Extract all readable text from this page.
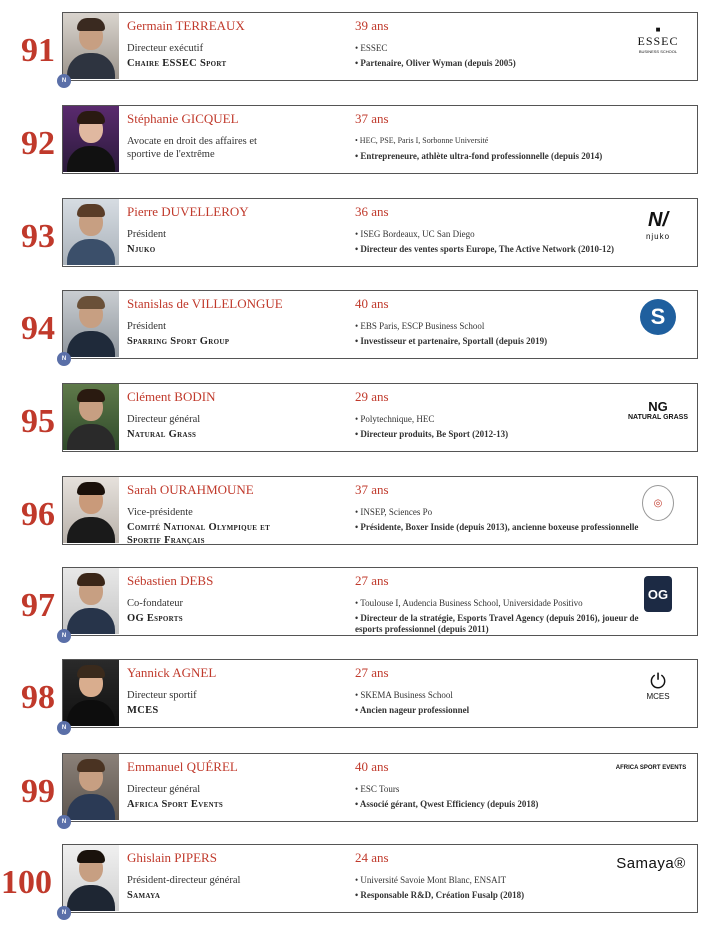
91
Germain TERREAUX
Directeur exécutif
Chaire ESSEC Sport
39 ans
• ESSEC
• Partenaire, Oliver Wyman (depuis 2005)
■
ESSEC
BUSINESS SCHOOL
N
92
Stéphanie GICQUEL
Avocate en droit des affaires et sportive de l'extrême
37 ans
• HEC, PSE, Paris I, Sorbonne Université
• Entrepreneure, athlète ultra-fond professionnelle (depuis 2014)
93
Pierre DUVELLEROY
Président
Njuko
36 ans
• ISEG Bordeaux, UC San Diego
• Directeur des ventes sports Europe, The Active Network (2010-12)
N/
njuko
94
Stanislas de VILLELONGUE
Président
Sparring Sport Group
40 ans
• EBS Paris, ESCP Business School
• Investisseur et partenaire, Sportall (depuis 2019)
S
N
95
Clément BODIN
Directeur général
Natural Grass
29 ans
• Polytechnique, HEC
• Directeur produits, Be Sport (2012-13)
NG
NATURAL GRASS
96
Sarah OURAHMOUNE
Vice-présidente
Comité National Olympique et Sportif Français
37 ans
• INSEP, Sciences Po
• Présidente, Boxer Inside (depuis 2013), ancienne boxeuse professionnelle
◎
97
Sébastien DEBS
Co-fondateur
OG Esports
27 ans
• Toulouse I, Audencia Business School, Universidade Positivo
• Directeur de la stratégie, Esports Travel Agency (depuis 2016), joueur de esports professionnel (depuis 2011)
OG
N
98
Yannick AGNEL
Directeur sportif
MCES
27 ans
• SKEMA Business School
• Ancien nageur professionnel
⏻
MCES
N
99
Emmanuel QUÉREL
Directeur général
Africa Sport Events
40 ans
• ESC Tours
• Associé gérant, Qwest Efficiency (depuis 2018)
AFRICA SPORT EVENTS
N
100
Ghislain PIPERS
Président-directeur général
Samaya
24 ans
• Université Savoie Mont Blanc, ENSAIT
• Responsable R&D, Création Fusalp (2018)
Samaya®
N
